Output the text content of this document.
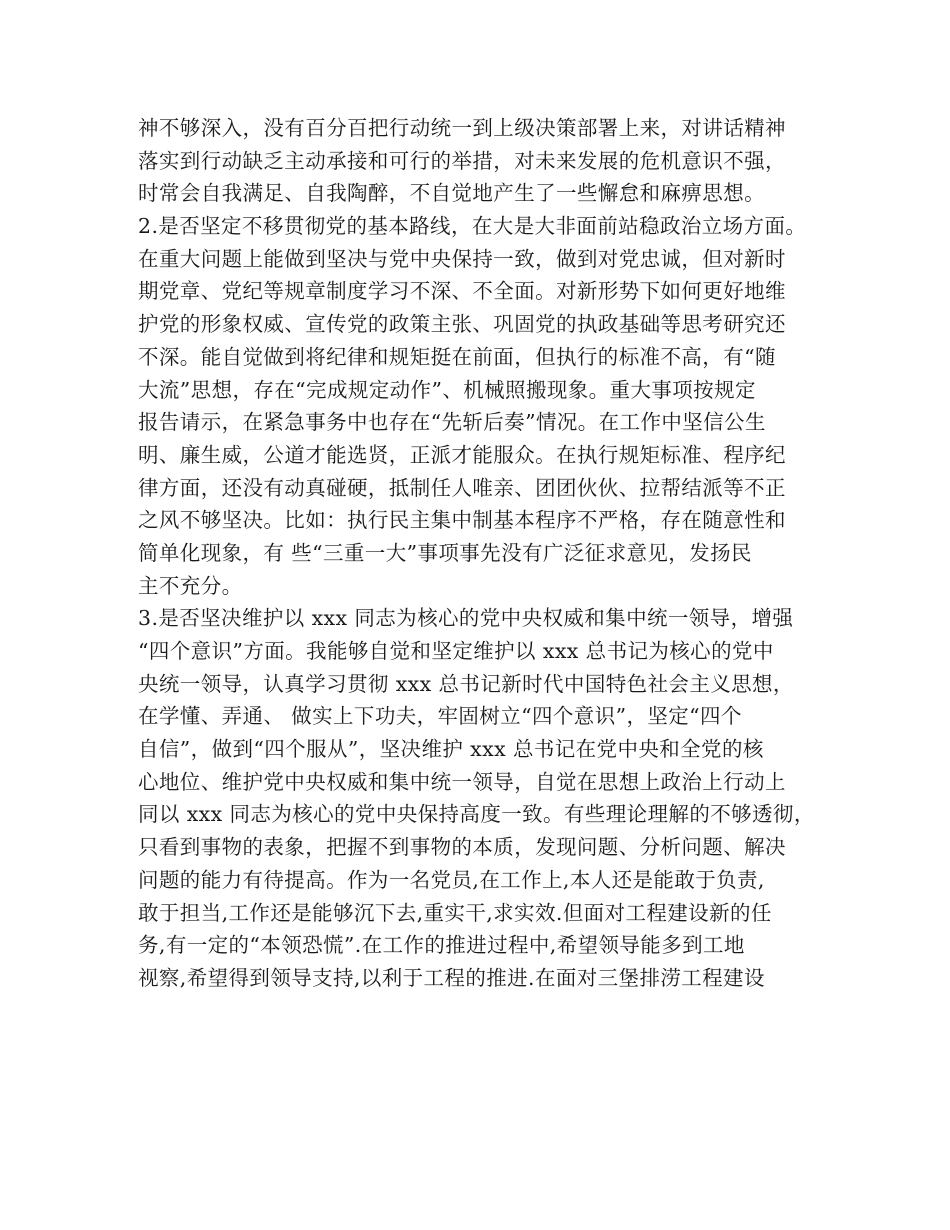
神不够深入，没有百分百把行动统一到上级决策部署上来，对讲话精神
落实到行动缺乏主动承接和可行的举措，对未来发展的危机意识不强，
时常会自我满足、自我陶醉，不自觉地产生了一些懈怠和麻痹思想。
2.是否坚定不移贯彻党的基本路线，在大是大非面前站稳政治立场方面。
在重大问题上能做到坚决与党中央保持一致，做到对党忠诚，但对新时
期党章、党纪等规章制度学习不深、不全面。对新形势下如何更好地维
护党的形象权威、宣传党的政策主张、巩固党的执政基础等思考研究还
不深。能自觉做到将纪律和规矩挺在前面，但执行的标准不高，有“随
大流”思想，存在“完成规定动作”、机械照搬现象。重大事项按规定
报告请示，在紧急事务中也存在“先斩后奏”情况。在工作中坚信公生
明、廉生威，公道才能选贤，正派才能服众。在执行规矩标准、程序纪
律方面，还没有动真碰硬，抵制任人唯亲、团团伙伙、拉帮结派等不正
之风不够坚决。比如：执行民主集中制基本程序不严格，存在随意性和
简单化现象，有 些“三重一大”事项事先没有广泛征求意见，发扬民
主不充分。
3.是否坚决维护以 xxx 同志为核心的党中央权威和集中统一领导，增强
“四个意识”方面。我能够自觉和坚定维护以 xxx 总书记为核心的党中
央统一领导，认真学习贯彻 xxx 总书记新时代中国特色社会主义思想，
在学懂、弄通、 做实上下功夫，牢固树立“四个意识”，坚定“四个
自信”，做到“四个服从”，坚决维护 xxx 总书记在党中央和全党的核
心地位、维护党中央权威和集中统一领导，自觉在思想上政治上行动上
同以 xxx 同志为核心的党中央保持高度一致。有些理论理解的不够透彻，
只看到事物的表象，把握不到事物的本质，发现问题、分析问题、解决
问题的能力有待提高。作为一名党员,在工作上,本人还是能敢于负责,
敢于担当,工作还是能够沉下去,重实干,求实效.但面对工程建设新的任
务,有一定的“本领恐慌”.在工作的推进过程中,希望领导能多到工地
视察,希望得到领导支持,以利于工程的推进.在面对三堡排涝工程建设
